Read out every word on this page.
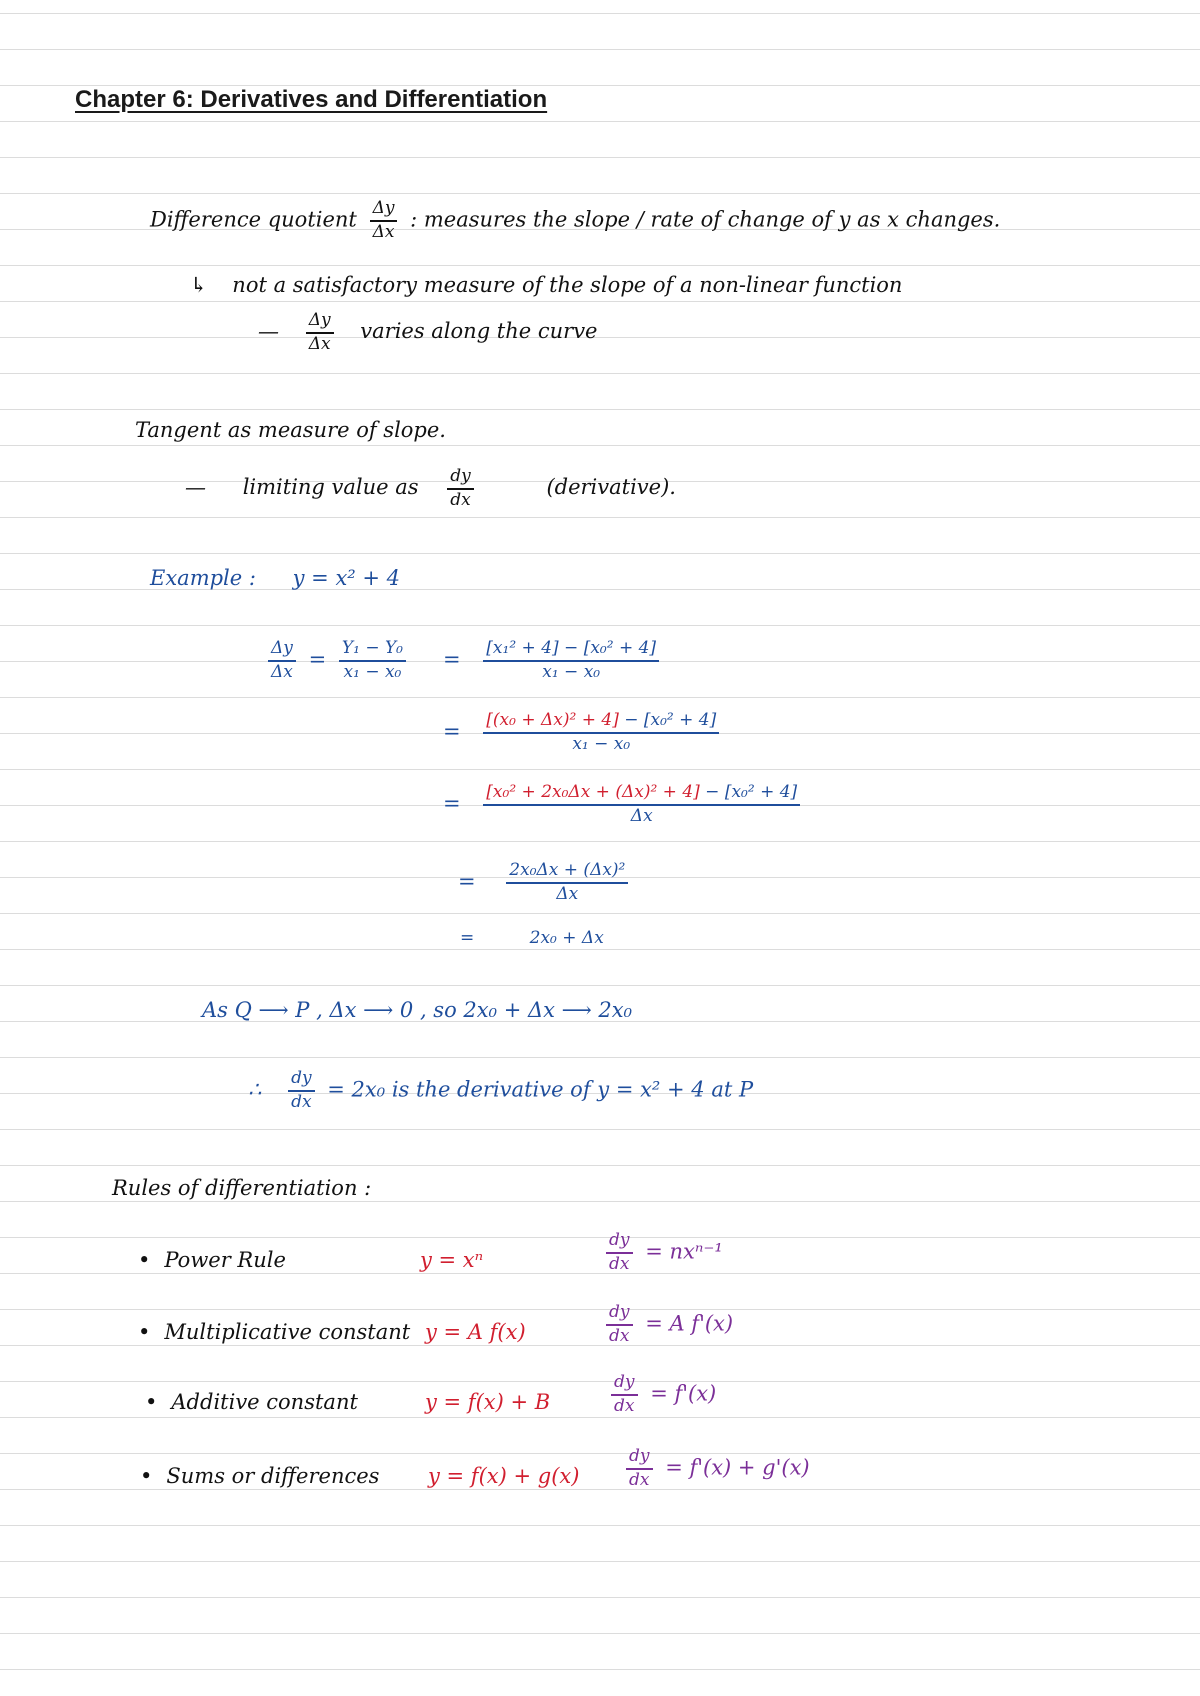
Chapter 6: Derivatives and Differentiation
Difference quotient $\frac{\Delta y}{\Delta x}$ : measures the slope / rate of change of y as x changes.
↳ not a satisfactory measure of the slope of a non-linear function
— $\frac{\Delta y}{\Delta x}$ varies along the curve
Tangent as measure of slope.
— limiting value as $\frac{dy}{dx}$	(derivative).
Example : y = x² + 4
$\frac{\Delta y}{\Delta x} = \frac{\text{Y₁ − Y₀}}{\text{x₁ − x₀}} = \frac{\text{[x₁² + 4] − [x₀² + 4]}}{\text{x₁ − x₀}}$
= $\frac{\text{[(x₀ + Δx)² + 4] − [x₀² + 4]}}{\text{x₁ − x₀}}$
= $\frac{\text{[x₀² + 2x₀Δx + (Δx)² + 4] − [x₀² + 4]}}{\Delta x}$
= $\frac{\text{2x₀Δx + (Δx)²}}{\Delta x}$
=	2x₀ + Δx
As Q ⟶ P , Δx ⟶ 0 , so 2x₀ + Δx ⟶ 2x₀
∴ $\frac{dy}{dx} = 2x_0$ is the derivative of y = x² + 4 at P
Rules of differentiation :
• Power Rule	y = xⁿ	$\frac{dy}{dx} = nx^{n-1}$
• Multiplicative constant y = A f(x)	$\frac{dy}{dx} = A$ f'(x)
• Additive constant	y = f(x) + B	$\frac{dy}{dx} = f'(x)$
• Sums or differences y = f(x) + g(x)	$\frac{dy}{dx} = f'(x) + g'(x)$
